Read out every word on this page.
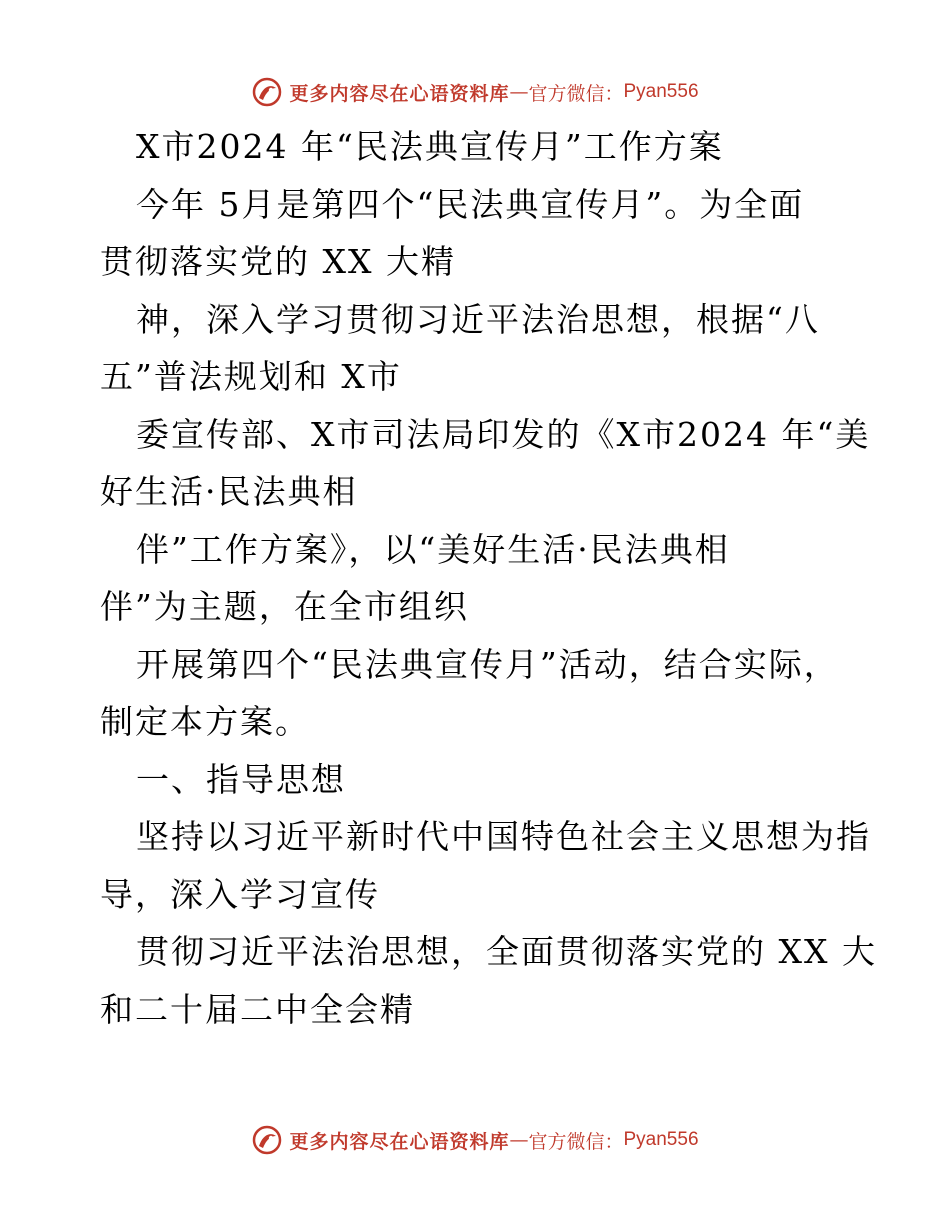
更多内容尽在心语资料库 — 官方微信： Pyan556
X市2024 年“民法典宣传月”工作方案
今年 5月是第四个“民法典宣传月”。为全面
贯彻落实党的 XX 大精
神，深入学习贯彻习近平法治思想，根据“八
五”普法规划和 X市
委宣传部、X市司法局印发的《X市2024 年“美
好生活·民法典相
伴”工作方案》，以“美好生活·民法典相
伴”为主题，在全市组织
开展第四个“民法典宣传月”活动，结合实际，
制定本方案。
一、指导思想
坚持以习近平新时代中国特色社会主义思想为指
导，深入学习宣传
贯彻习近平法治思想，全面贯彻落实党的 XX 大
和二十届二中全会精
更多内容尽在心语资料库 — 官方微信： Pyan556
